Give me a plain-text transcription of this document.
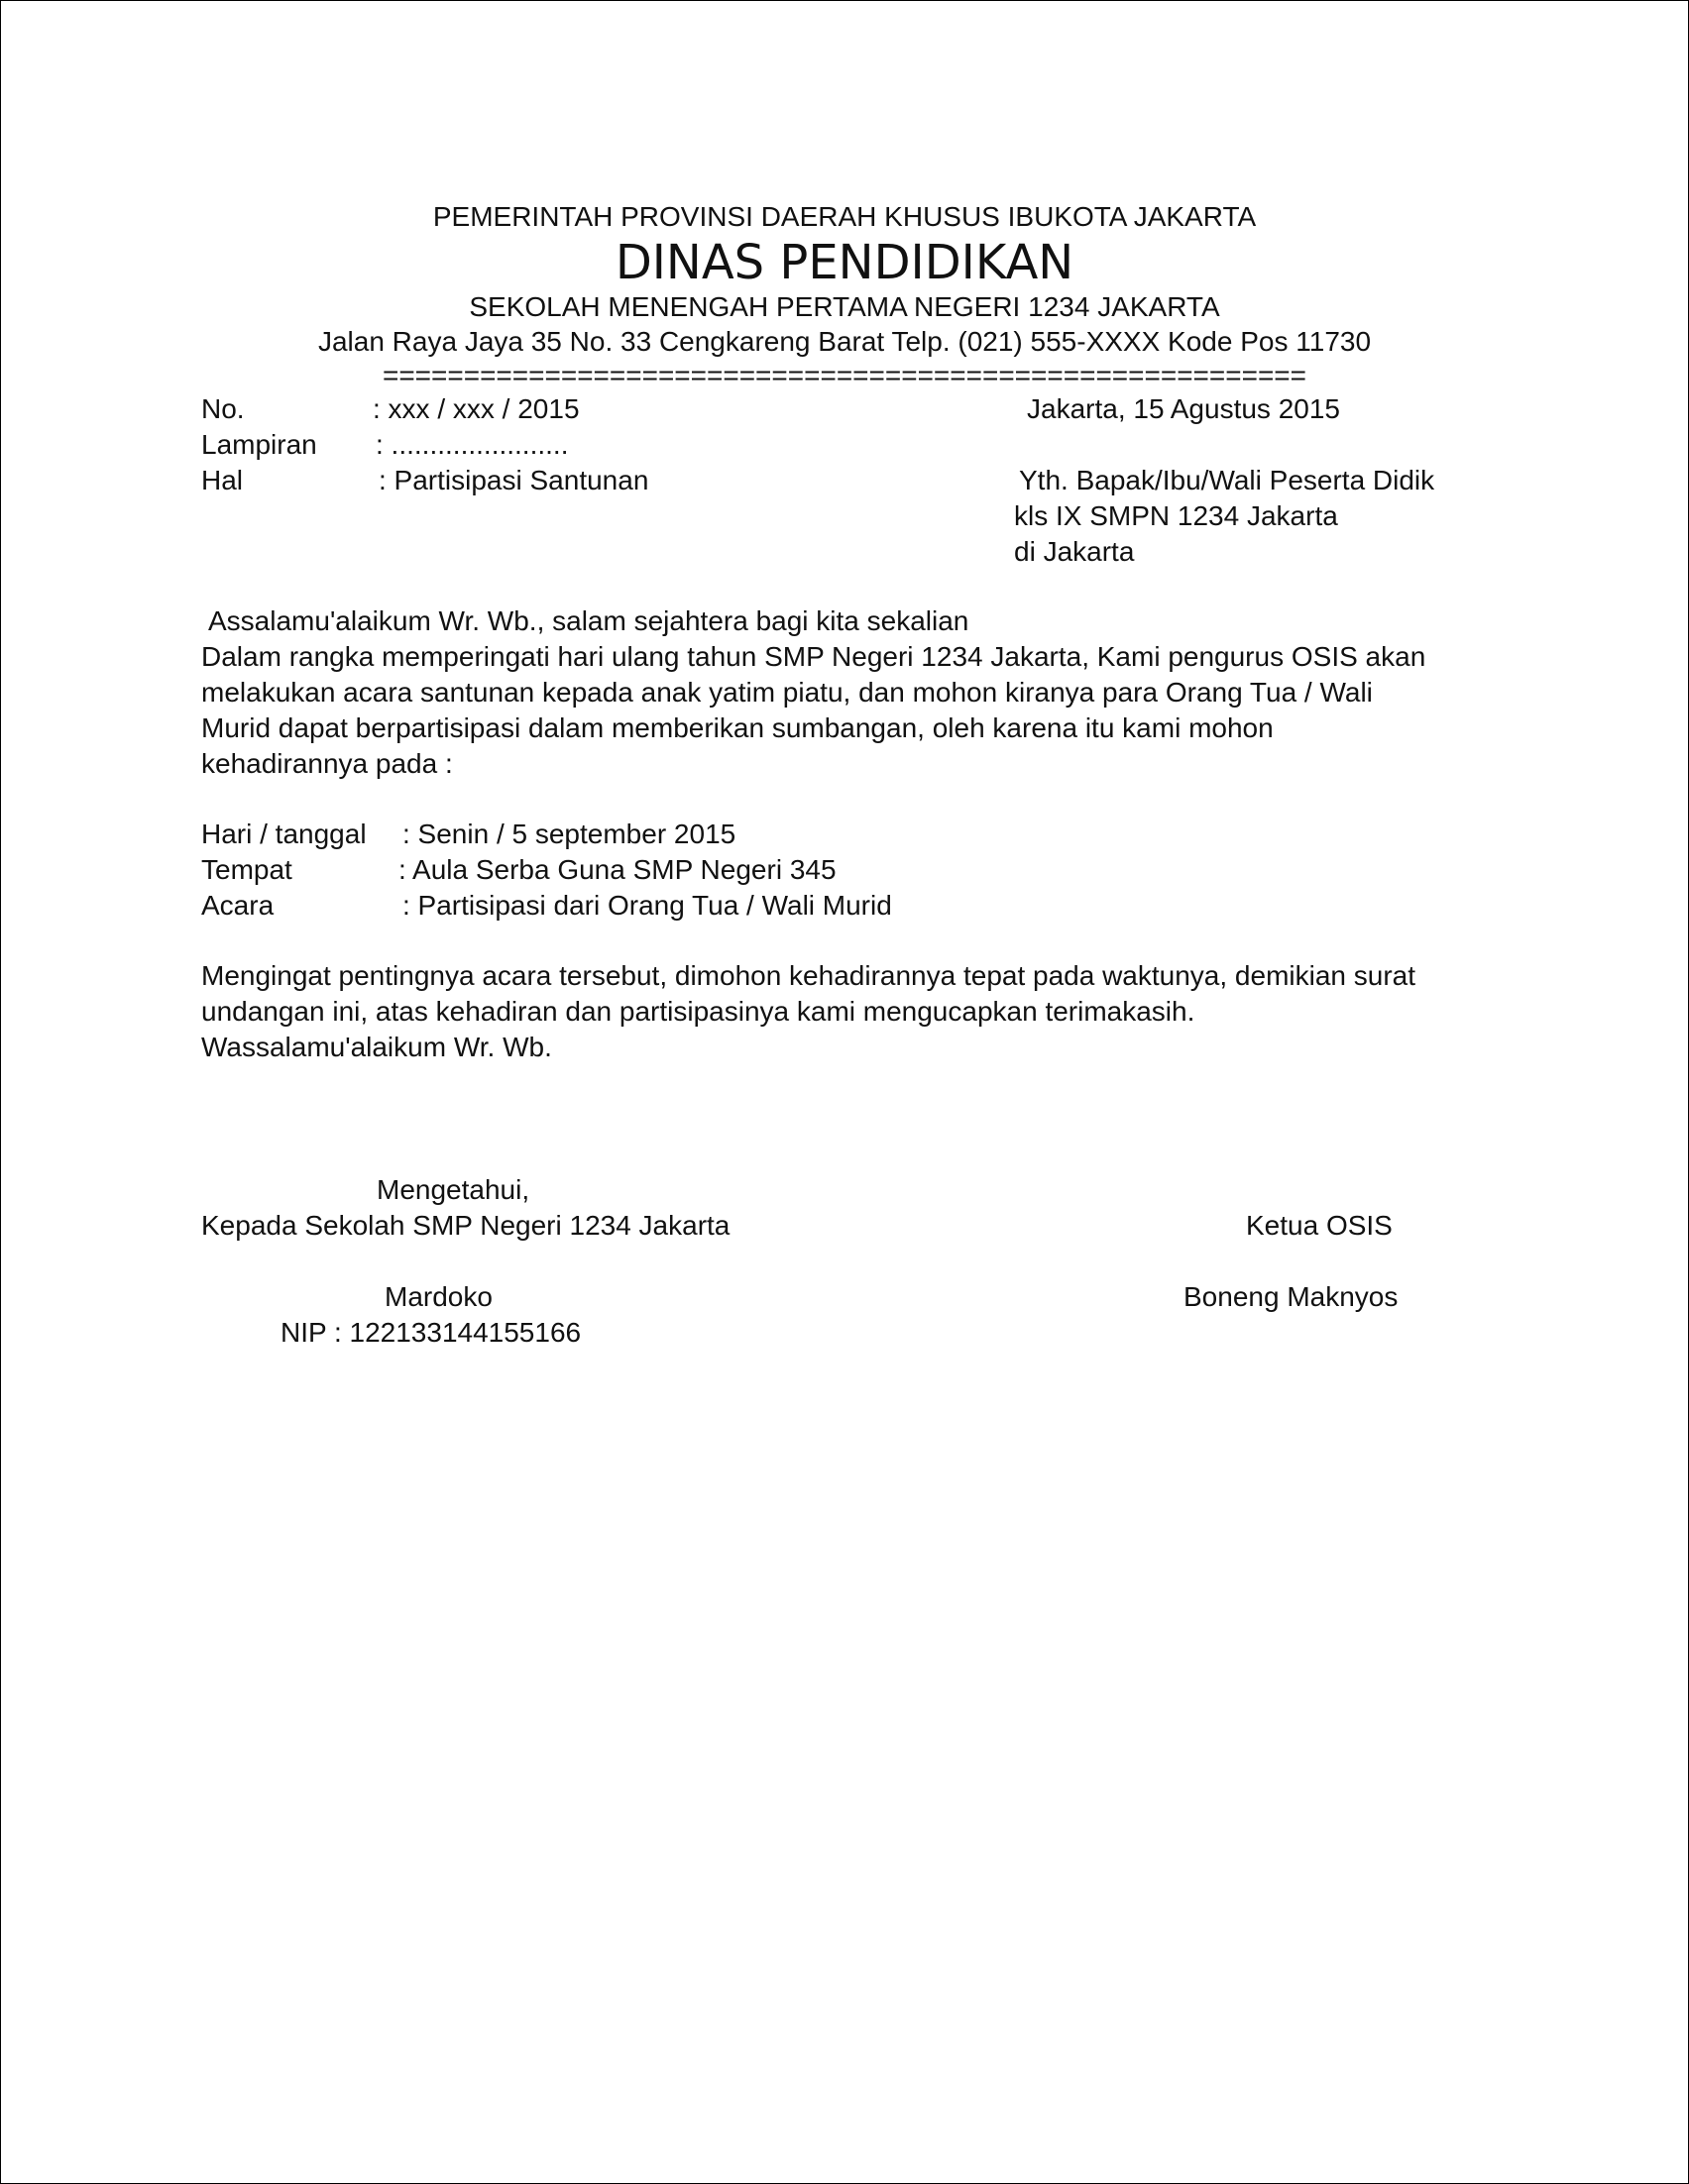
PEMERINTAH PROVINSI DAERAH KHUSUS IBUKOTA JAKARTA
DINAS PENDIDIKAN
SEKOLAH MENENGAH PERTAMA NEGERI 1234 JAKARTA
Jalan Raya Jaya 35 No. 33 Cengkareng Barat Telp. (021) 555-XXXX Kode Pos 11730
=========================================================
No.	: xxx / xxx / 2015	Jakarta, 15 Agustus 2015
Lampiran : .......................
Hal	: Partisipasi Santunan	Yth. Bapak/Ibu/Wali Peserta Didik
kls IX SMPN 1234 Jakarta
di Jakarta
Assalamu'alaikum Wr. Wb., salam sejahtera bagi kita sekalian
Dalam rangka memperingati hari ulang tahun SMP Negeri 1234 Jakarta, Kami pengurus OSIS akan
melakukan acara santunan kepada anak yatim piatu, dan mohon kiranya para Orang Tua / Wali
Murid dapat berpartisipasi dalam memberikan sumbangan, oleh karena itu kami mohon
kehadirannya pada :
Hari / tanggal : Senin / 5 september 2015
Tempat	: Aula Serba Guna SMP Negeri 345
Acara	: Partisipasi dari Orang Tua / Wali Murid
Mengingat pentingnya acara tersebut, dimohon kehadirannya tepat pada waktunya, demikian surat
undangan ini, atas kehadiran dan partisipasinya kami mengucapkan terimakasih.
Wassalamu'alaikum Wr. Wb.
Mengetahui,
Kepada Sekolah SMP Negeri 1234 Jakarta	Ketua OSIS
Mardoko	Boneng Maknyos
NIP : 122133144155166
